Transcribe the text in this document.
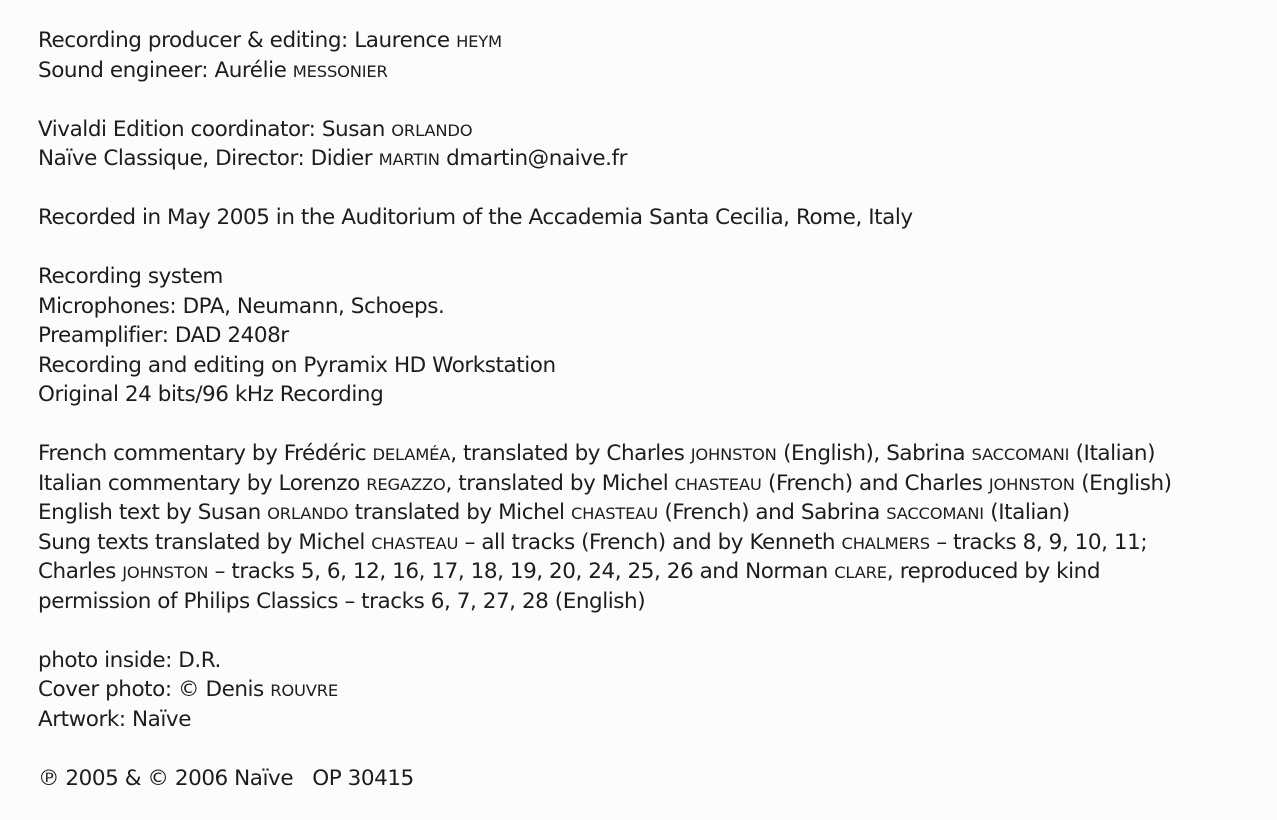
Recording producer & editing: Laurence HEYM
Sound engineer: Aurélie MESSONIER
Vivaldi Edition coordinator: Susan ORLANDO
Naïve Classique, Director: Didier MARTIN dmartin@naive.fr
Recorded in May 2005 in the Auditorium of the Accademia Santa Cecilia, Rome, Italy
Recording system
Microphones: DPA, Neumann, Schoeps.
Preamplifier: DAD 2408r
Recording and editing on Pyramix HD Workstation
Original 24 bits/96 kHz Recording
French commentary by Frédéric DELAMÉA, translated by Charles JOHNSTON (English), Sabrina SACCOMANI (Italian)
Italian commentary by Lorenzo REGAZZO, translated by Michel CHASTEAU (French) and Charles JOHNSTON (English)
English text by Susan ORLANDO translated by Michel CHASTEAU (French) and Sabrina SACCOMANI (Italian)
Sung texts translated by Michel CHASTEAU – all tracks (French) and by Kenneth CHALMERS – tracks 8, 9, 10, 11;
Charles JOHNSTON – tracks 5, 6, 12, 16, 17, 18, 19, 20, 24, 25, 26 and Norman CLARE, reproduced by kind
permission of Philips Classics – tracks 6, 7, 27, 28 (English)
photo inside: D.R.
Cover photo: © Denis ROUVRE
Artwork: Naïve
℗ 2005 & © 2006 Naïve   OP 30415
